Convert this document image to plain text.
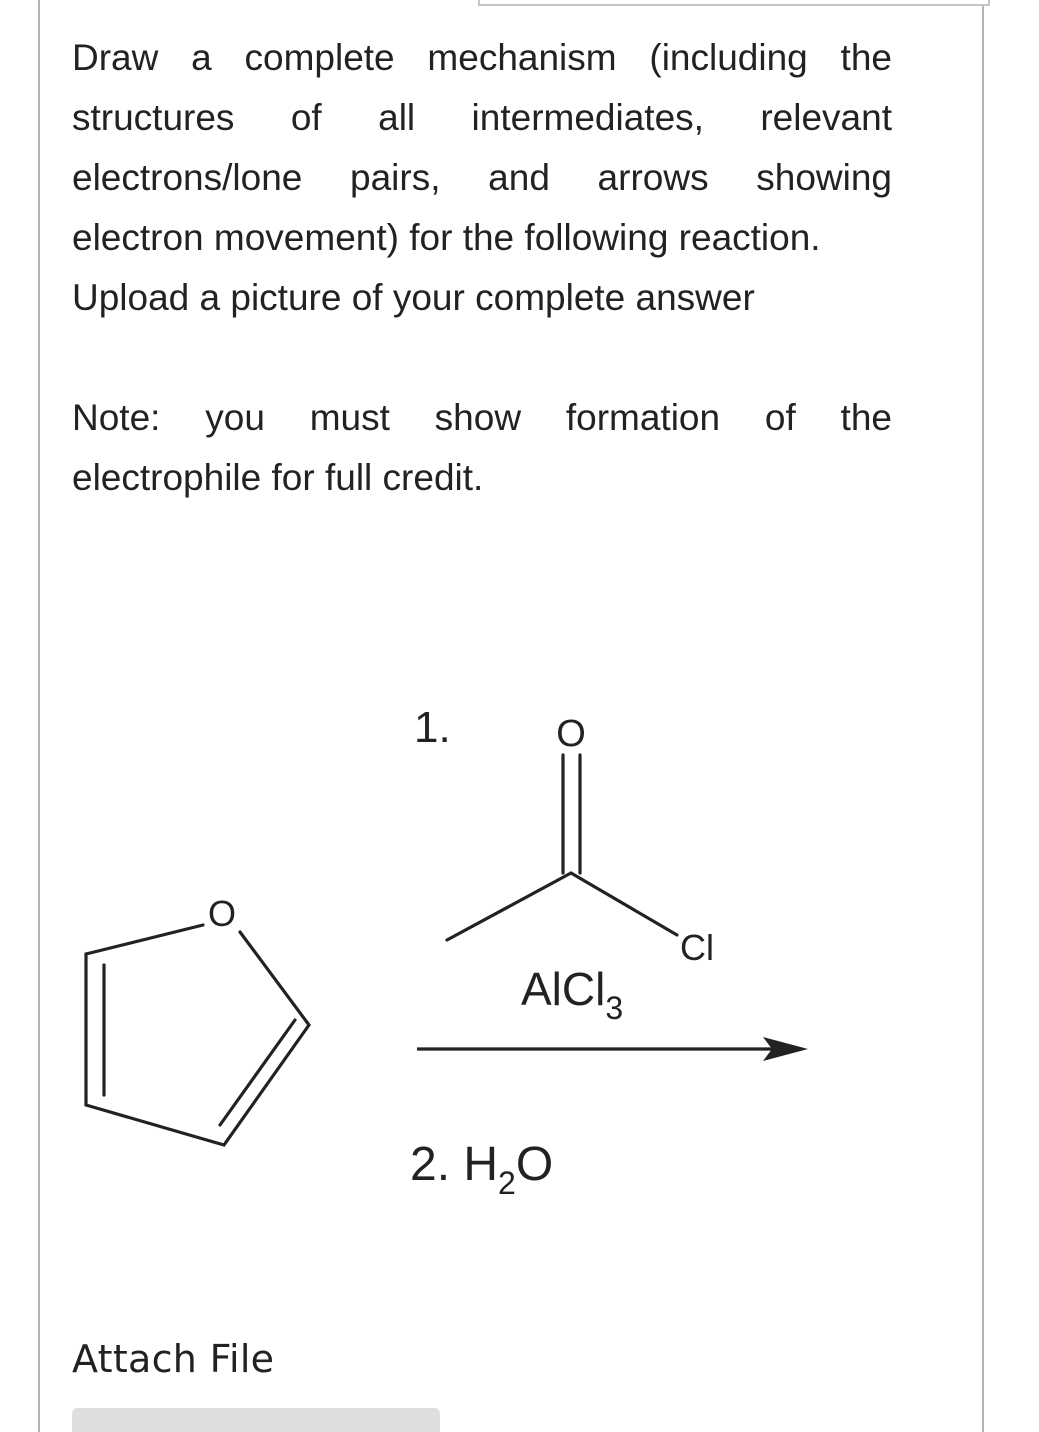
Draw a complete mechanism (including the
structures of all intermediates, relevant
electrons/lone pairs, and arrows showing
electron movement) for the following reaction.
Upload a picture of your complete answer
Note: you must show formation of the
electrophile for full credit.
O
1.	O
Cl
AlCl$_3$
2. $H_2O$
Attach File
